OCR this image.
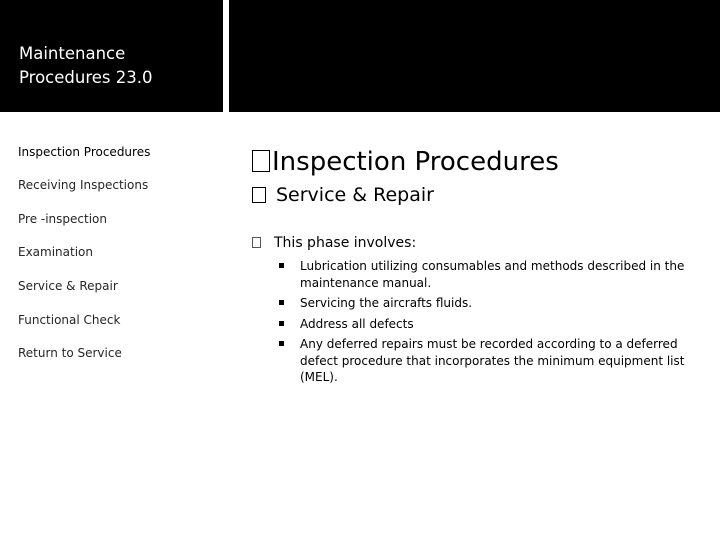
Maintenance Procedures 23.0
Inspection Procedures
Receiving Inspections
Pre -inspection
Examination
Service & Repair
Functional Check
Return to Service
Inspection Procedures
Service & Repair
This phase involves:
Lubrication utilizing consumables and methods described in the maintenance manual.
Servicing the aircrafts fluids.
Address all defects
Any deferred repairs must be recorded according to a deferred defect procedure that incorporates the minimum equipment list (MEL).
